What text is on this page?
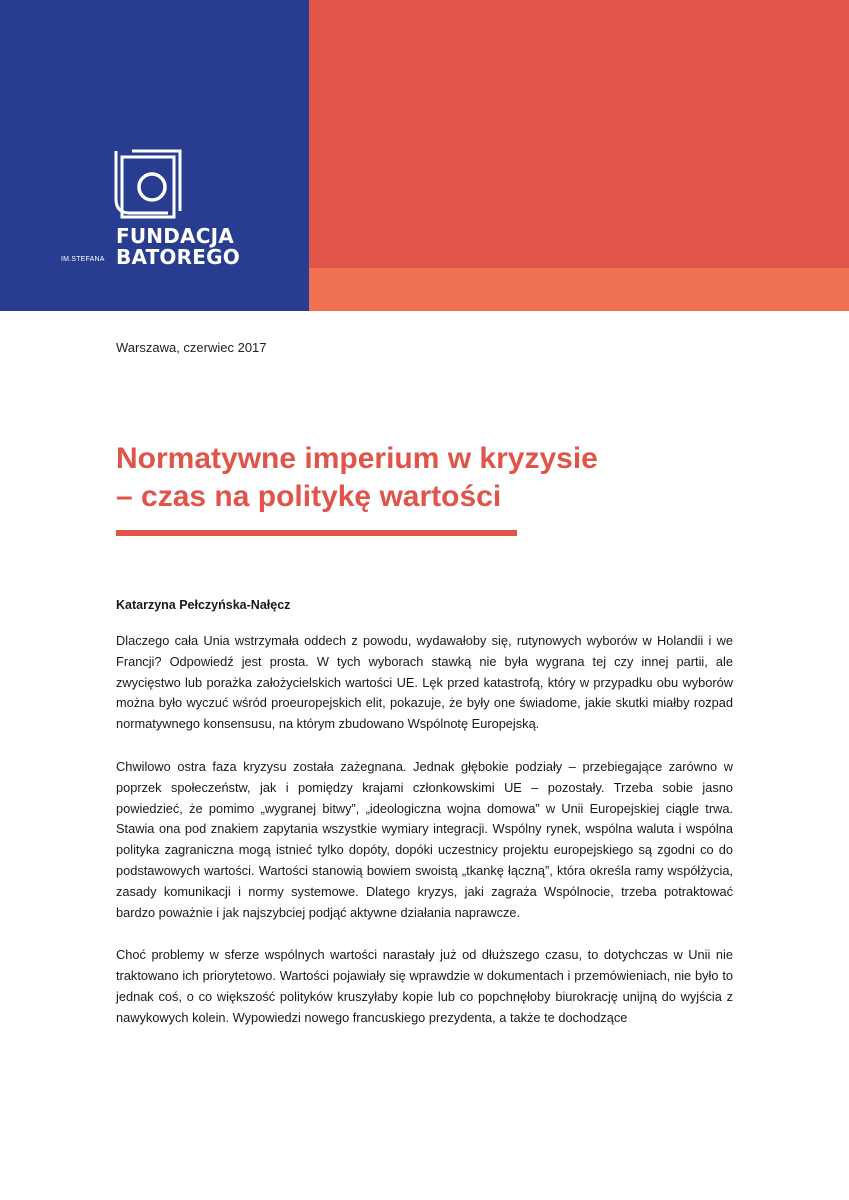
IM.STEFANA
FUNDACJA
BATOREGO
Warszawa, czerwiec 2017
Normatywne imperium w kryzysie
– czas na politykę wartości
Katarzyna Pełczyńska-Nałęcz

Dlaczego cała Unia wstrzymała oddech z powodu, wydawałoby się, rutynowych wyborów w Holandii i we Francji? Odpowiedź jest prosta. W tych wyborach stawką nie była wygrana tej czy innej partii, ale zwycięstwo lub porażka założycielskich wartości UE. Lęk przed katastrofą, który w przypadku obu wyborów można było wyczuć wśród proeuropejskich elit, pokazuje, że były one świadome, jakie skutki miałby rozpad normatywnego konsensusu, na którym zbudowano Wspólnotę Europejską.

Chwilowo ostra faza kryzysu została zażegnana. Jednak głębokie podziały – przebiegające zarówno w poprzek społeczeństw, jak i pomiędzy krajami członkowskimi UE – pozostały. Trzeba sobie jasno powiedzieć, że pomimo „wygranej bitwy”, „ideologiczna wojna domowa” w Unii Europejskiej ciągle trwa. Stawia ona pod znakiem zapytania wszystkie wymiary integracji. Wspólny rynek, wspólna waluta i wspólna polityka zagraniczna mogą istnieć tylko dopóty, dopóki uczestnicy projektu europejskiego są zgodni co do podstawowych wartości. Wartości stanowią bowiem swoistą „tkankę łączną”, która określa ramy współżycia, zasady komunikacji i normy systemowe. Dlatego kryzys, jaki zagraża Wspólnocie, trzeba potraktować bardzo poważnie i jak najszybciej podjąć aktywne działania naprawcze.

Choć problemy w sferze wspólnych wartości narastały już od dłuższego czasu, to dotychczas w Unii nie traktowano ich priorytetowo. Wartości pojawiały się wprawdzie w dokumentach i przemówieniach, nie było to jednak coś, o co większość polityków kruszyłaby kopie lub co popchnęłoby biurokrację unijną do wyjścia z nawykowych kolein. Wypowiedzi nowego francuskiego prezydenta, a także te dochodzące
